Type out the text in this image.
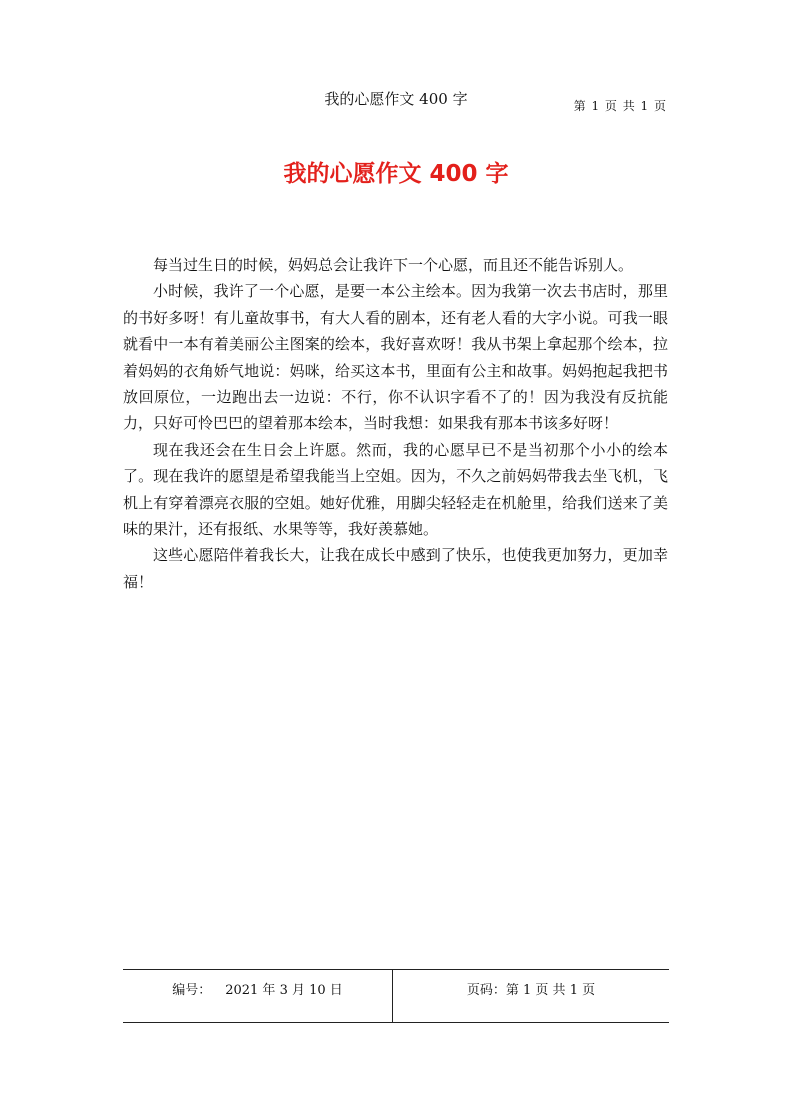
我的心愿作文 400 字	第 1 页 共 1 页
我的心愿作文 400 字

每当过生日的时候，妈妈总会让我许下一个心愿，而且还不能告诉别人。

小时候，我许了一个心愿，是要一本公主绘本。因为我第一次去书店时，那里的书好多呀！有儿童故事书，有大人看的剧本，还有老人看的大字小说。可我一眼就看中一本有着美丽公主图案的绘本，我好喜欢呀！我从书架上拿起那个绘本，拉着妈妈的衣角娇气地说：妈咪，给买这本书，里面有公主和故事。妈妈抱起我把书放回原位，一边跑出去一边说：不行，你不认识字看不了的！因为我没有反抗能力，只好可怜巴巴的望着那本绘本，当时我想：如果我有那本书该多好呀！

现在我还会在生日会上许愿。然而，我的心愿早已不是当初那个小小的绘本了。现在我许的愿望是希望我能当上空姐。因为，不久之前妈妈带我去坐飞机，飞机上有穿着漂亮衣服的空姐。她好优雅，用脚尖轻轻走在机舱里，给我们送来了美味的果汁，还有报纸、水果等等，我好羡慕她。

这些心愿陪伴着我长大，让我在成长中感到了快乐，也使我更加努力，更加幸福！

编号： 2021 年 3 月 10 日	页码：第 1 页 共 1 页
